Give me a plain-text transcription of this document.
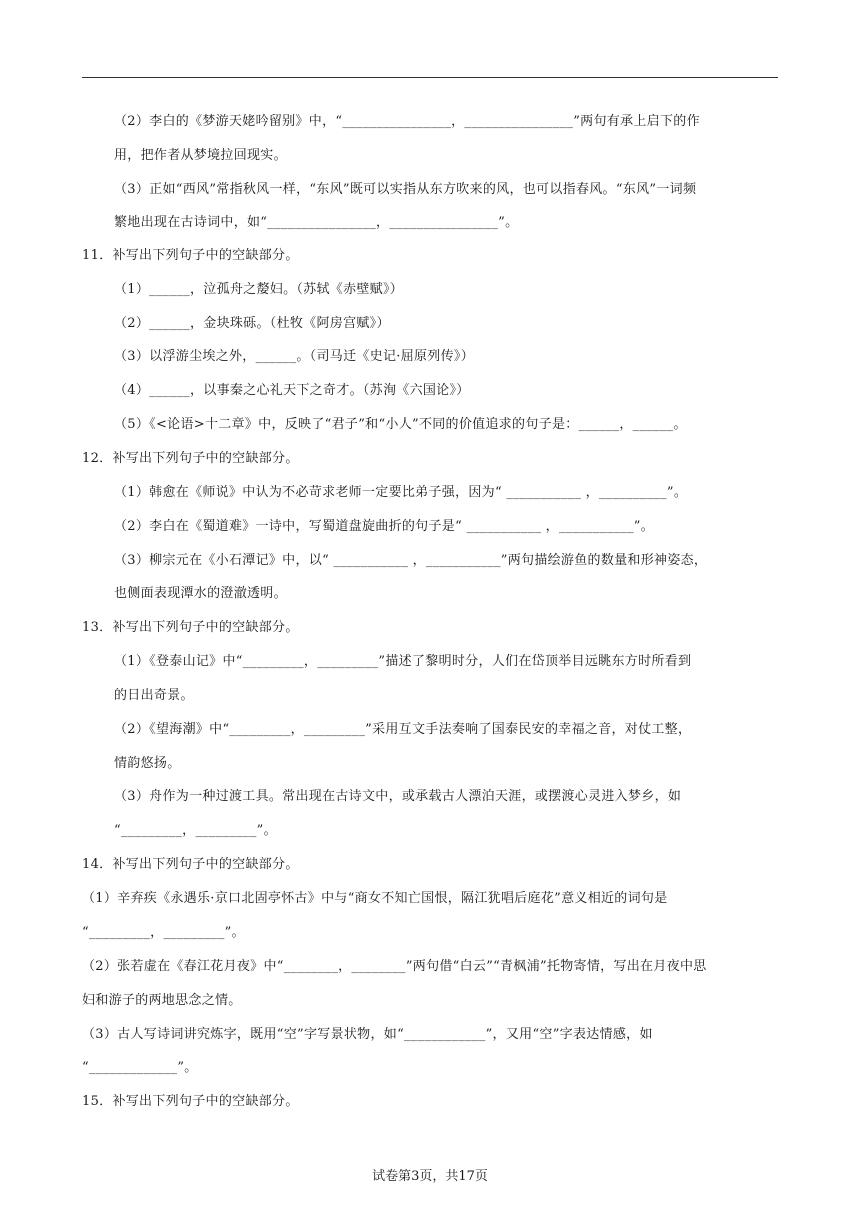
（2）李白的《梦游天姥吟留别》中，“________________，________________”两句有承上启下的作
用，把作者从梦境拉回现实。
（3）正如“西风”常指秋风一样，“东风”既可以实指从东方吹来的风，也可以指春风。“东风”一词频
繁地出现在古诗词中，如“________________，________________”。
11．补写出下列句子中的空缺部分。
（1）______，泣孤舟之嫠妇。（苏轼《赤壁赋》）
（2）______，金块珠砾。（杜牧《阿房宫赋》）
（3）以浮游尘埃之外，______。（司马迁《史记·屈原列传》）
（4）______，以事秦之心礼天下之奇才。（苏洵《六国论》）
（5）《<论语>十二章》中，反映了“君子”和“小人”不同的价值追求的句子是：______，______。
12．补写出下列句子中的空缺部分。
（1）韩愈在《师说》中认为不必苛求老师一定要比弟子强，因为“ ___________ ，__________”。
（2）李白在《蜀道难》一诗中，写蜀道盘旋曲折的句子是“ ___________ ，___________”。
（3）柳宗元在《小石潭记》中，以“ ___________ ，___________”两句描绘游鱼的数量和形神姿态，
也侧面表现潭水的澄澈透明。
13．补写出下列句子中的空缺部分。
（1）《登泰山记》中“_________，_________”描述了黎明时分，人们在岱顶举目远眺东方时所看到
的日出奇景。
（2）《望海潮》中“_________，_________”采用互文手法奏响了国泰民安的幸福之音，对仗工整，
情韵悠扬。
（3）舟作为一种过渡工具。常出现在古诗文中，或承载古人漂泊天涯，或摆渡心灵进入梦乡，如
“_________，_________”。
14．补写出下列句子中的空缺部分。
（1）辛弃疾《永遇乐·京口北固亭怀古》中与“商女不知亡国恨，隔江犹唱后庭花”意义相近的词句是
“_________，_________”。
（2）张若虚在《春江花月夜》中“________，________”两句借“白云”“青枫浦”托物寄情，写出在月夜中思
妇和游子的两地思念之情。
（3）古人写诗词讲究炼字，既用“空”字写景状物，如“____________”，又用“空”字表达情感，如
“_____________”。
15．补写出下列句子中的空缺部分。
试卷第3页，共17页
